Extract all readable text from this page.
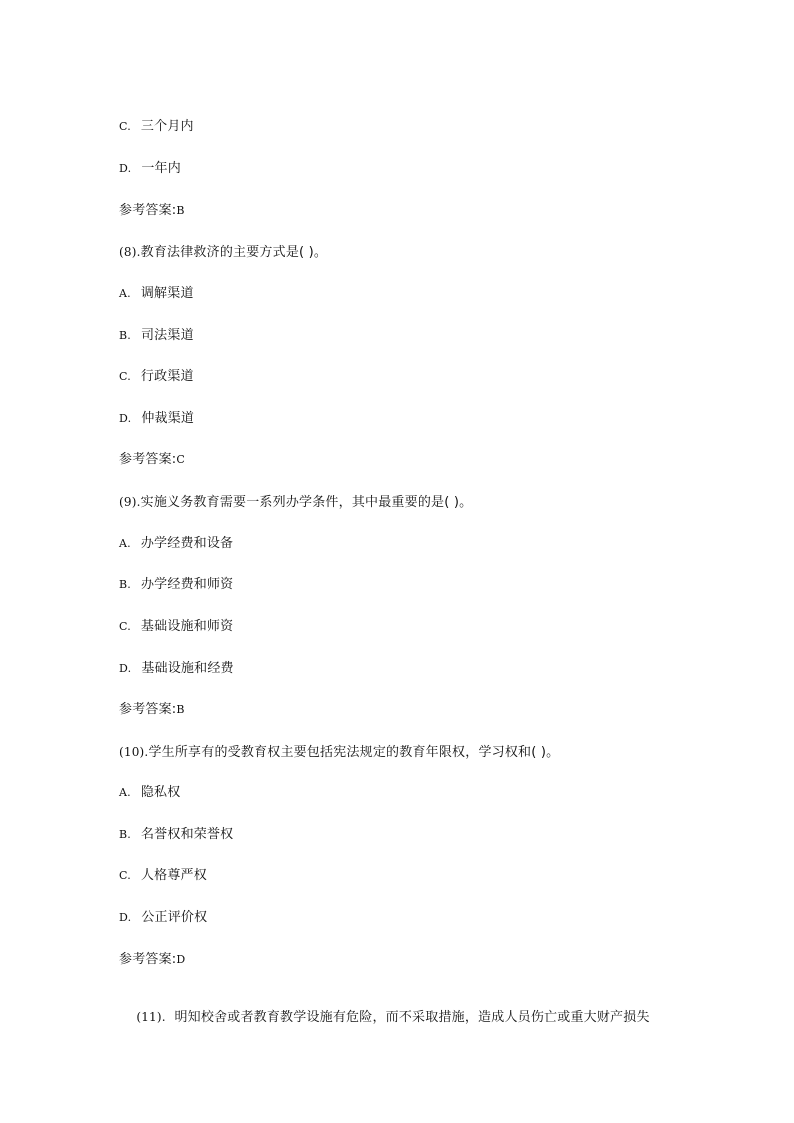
C. 三个月内
D. 一年内
参考答案:B
(8).教育法律救济的主要方式是( )。
A. 调解渠道
B. 司法渠道
C. 行政渠道
D. 仲裁渠道
参考答案:C
(9).实施义务教育需要一系列办学条件，其中最重要的是( )。
A. 办学经费和设备
B. 办学经费和师资
C. 基础设施和师资
D. 基础设施和经费
参考答案:B
(10).学生所享有的受教育权主要包括宪法规定的教育年限权，学习权和( )。
A. 隐私权
B. 名誉权和荣誉权
C. 人格尊严权
D. 公正评价权
参考答案:D

(11).  明知校舍或者教育教学设施有危险，而不采取措施，造成人员伤亡或重大财产损失
